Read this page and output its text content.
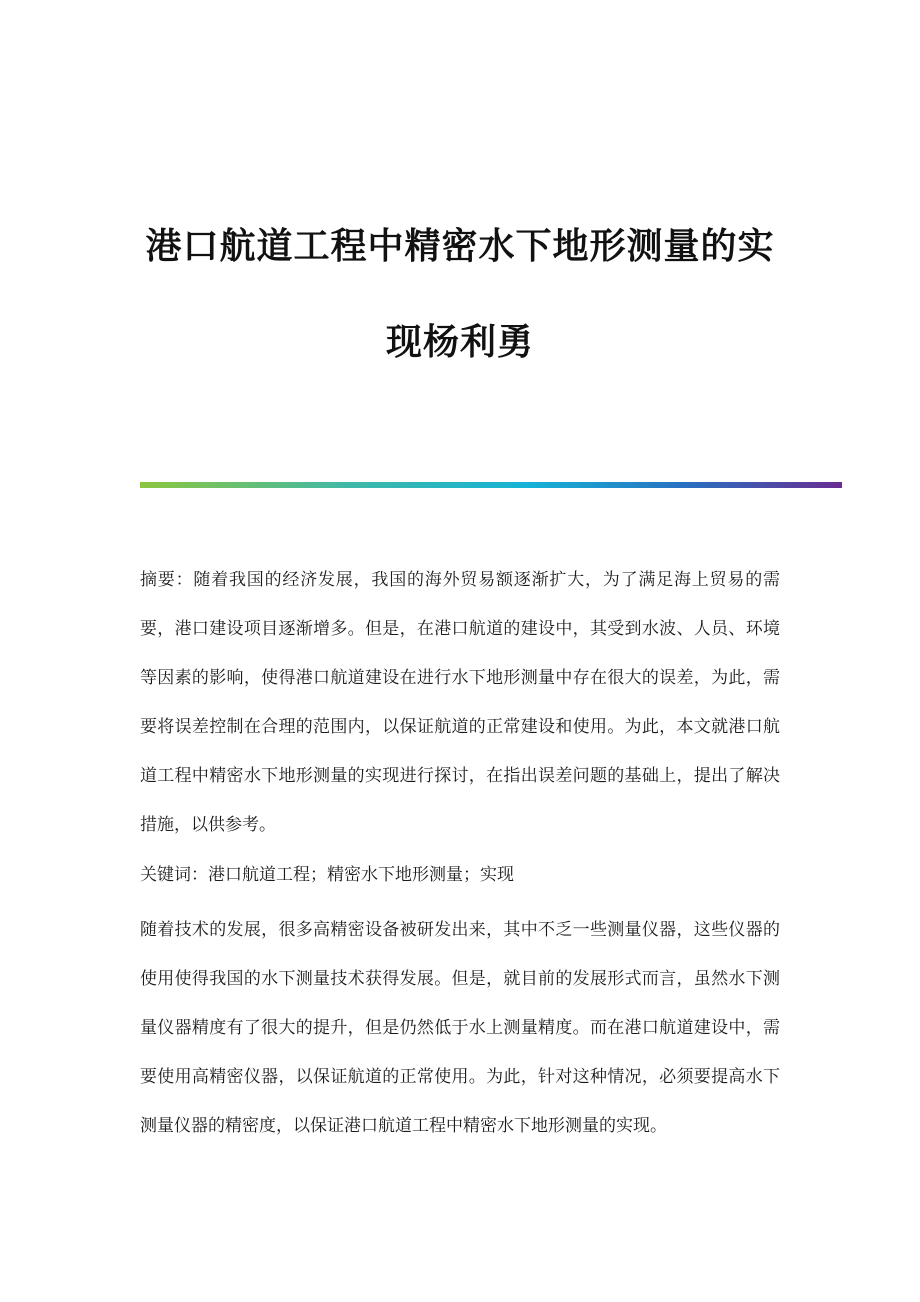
港口航道工程中精密水下地形测量的实
现杨利勇

摘要：随着我国的经济发展，我国的海外贸易额逐渐扩大，为了满足海上贸易的需要，港口建设项目逐渐增多。但是，在港口航道的建设中，其受到水波、人员、环境等因素的影响，使得港口航道建设在进行水下地形测量中存在很大的误差，为此，需要将误差控制在合理的范围内，以保证航道的正常建设和使用。为此，本文就港口航道工程中精密水下地形测量的实现进行探讨，在指出误差问题的基础上，提出了解决措施，以供参考。

关键词：港口航道工程；精密水下地形测量；实现

随着技术的发展，很多高精密设备被研发出来，其中不乏一些测量仪器，这些仪器的使用使得我国的水下测量技术获得发展。但是，就目前的发展形式而言，虽然水下测量仪器精度有了很大的提升，但是仍然低于水上测量精度。而在港口航道建设中，需要使用高精密仪器，以保证航道的正常使用。为此，针对这种情况，必须要提高水下测量仪器的精密度，以保证港口航道工程中精密水下地形测量的实现。
